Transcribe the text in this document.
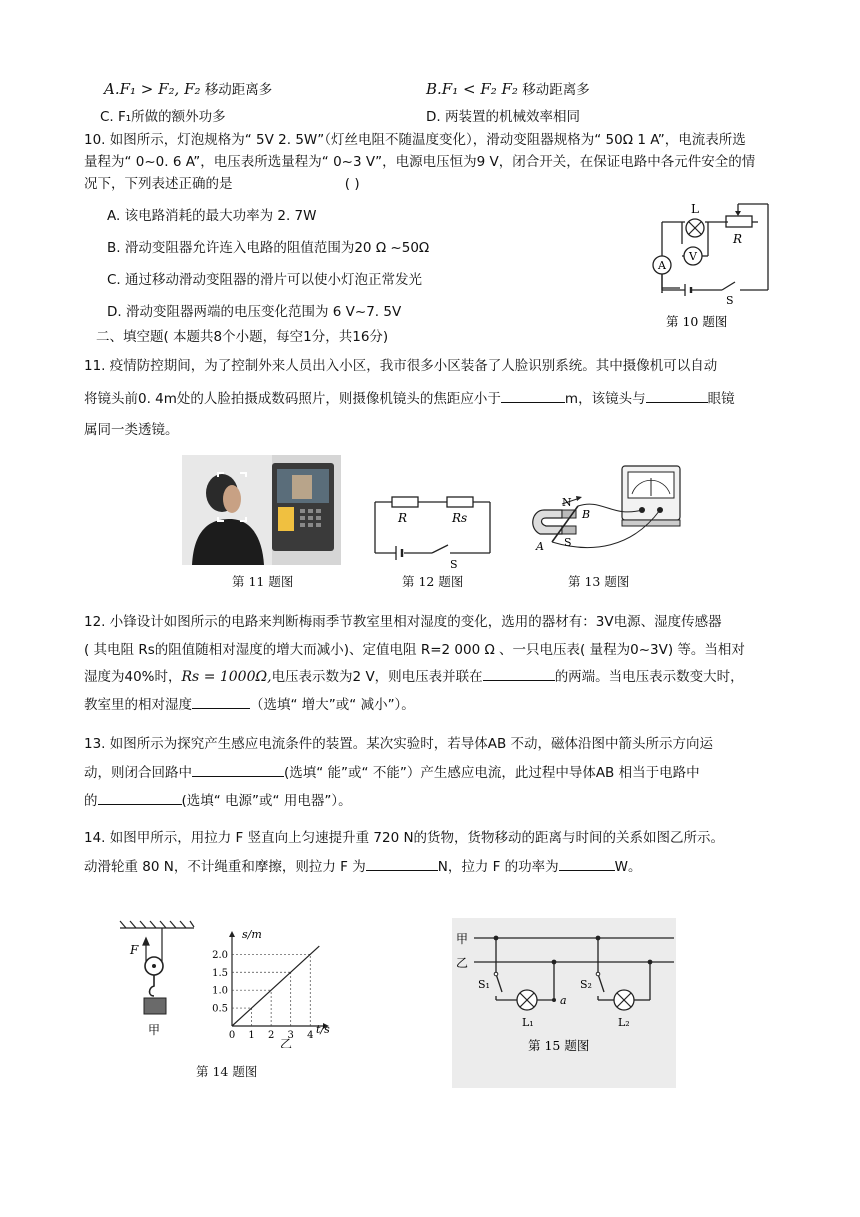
A.F₁ > F₂, F₂ 移动距离多	B.F₁ < F₂ F₂ 移动距离多
C. F₁所做的额外功多	D. 两装置的机械效率相同
10. 如图所示，灯泡规格为“ 5V 2. 5W”（灯丝电阻不随温度变化），滑动变阻器规格为“ 50Ω 1 A”，电流表所选
量程为“ 0~0. 6 A”，电压表所选量程为“ 0~3 V”，电源电压恒为9 V，闭合开关，在保证电路中各元件安全的情
况下，下列表述正确的是	( )
A. 该电路消耗的最大功率为 2. 7W
B. 滑动变阻器允许连入电路的阻值范围为20 Ω ~50Ω
C. 通过移动滑动变阻器的滑片可以使小灯泡正常发光
D. 滑动变阻器两端的电压变化范围为 6 V~7. 5V
L
R
V
A
S
第 10 题图
二、填空题( 本题共8个小题，每空1分，共16分)
11. 疫情防控期间，为了控制外来人员出入小区，我市很多小区装备了人脸识别系统。其中摄像机可以自动
将镜头前0. 4m处的人脸拍摄成数码照片，则摄像机镜头的焦距应小于	m，该镜头与	眼镜
属同一类透镜。
R	Rs
S
N
B
S
A
第 11 题图	第 12 题图	第 13 题图
12. 小锋设计如图所示的电路来判断梅雨季节教室里相对湿度的变化，选用的器材有：3V电源、湿度传感器
( 其电阻 Rs的阻值随相对湿度的增大而减小)、定值电阻 R=2 000 Ω 、一只电压表( 量程为0~3V) 等。当相对
湿度为40%时，Rs = 1000Ω,电压表示数为2 V，则电压表并联在	的两端。当电压表示数变大时，
教室里的相对湿度	（选填“ 增大”或“ 减小”）。
13. 如图所示为探究产生感应电流条件的装置。某次实验时，若导体AB 不动，磁体沿图中箭头所示方向运
动，则闭合回路中	(选填“ 能”或“ 不能”）产生感应电流，此过程中导体AB 相当于电路中
的	(选填“ 电源”或“ 用电器”）。
14. 如图甲所示，用拉力 F 竖直向上匀速提升重 720 N的货物，货物移动的距离与时间的关系如图乙所示。
动滑轮重 80 N，不计绳重和摩擦，则拉力 F 为	N，拉力 F 的功率为	W。
F
甲
0.5
1.0
1.5
2.0
0 1 2 3 4
s/m
t/s
乙
第 14 题图
甲
乙
S₁	S₂
a
L₁	L₂
第 15 题图
